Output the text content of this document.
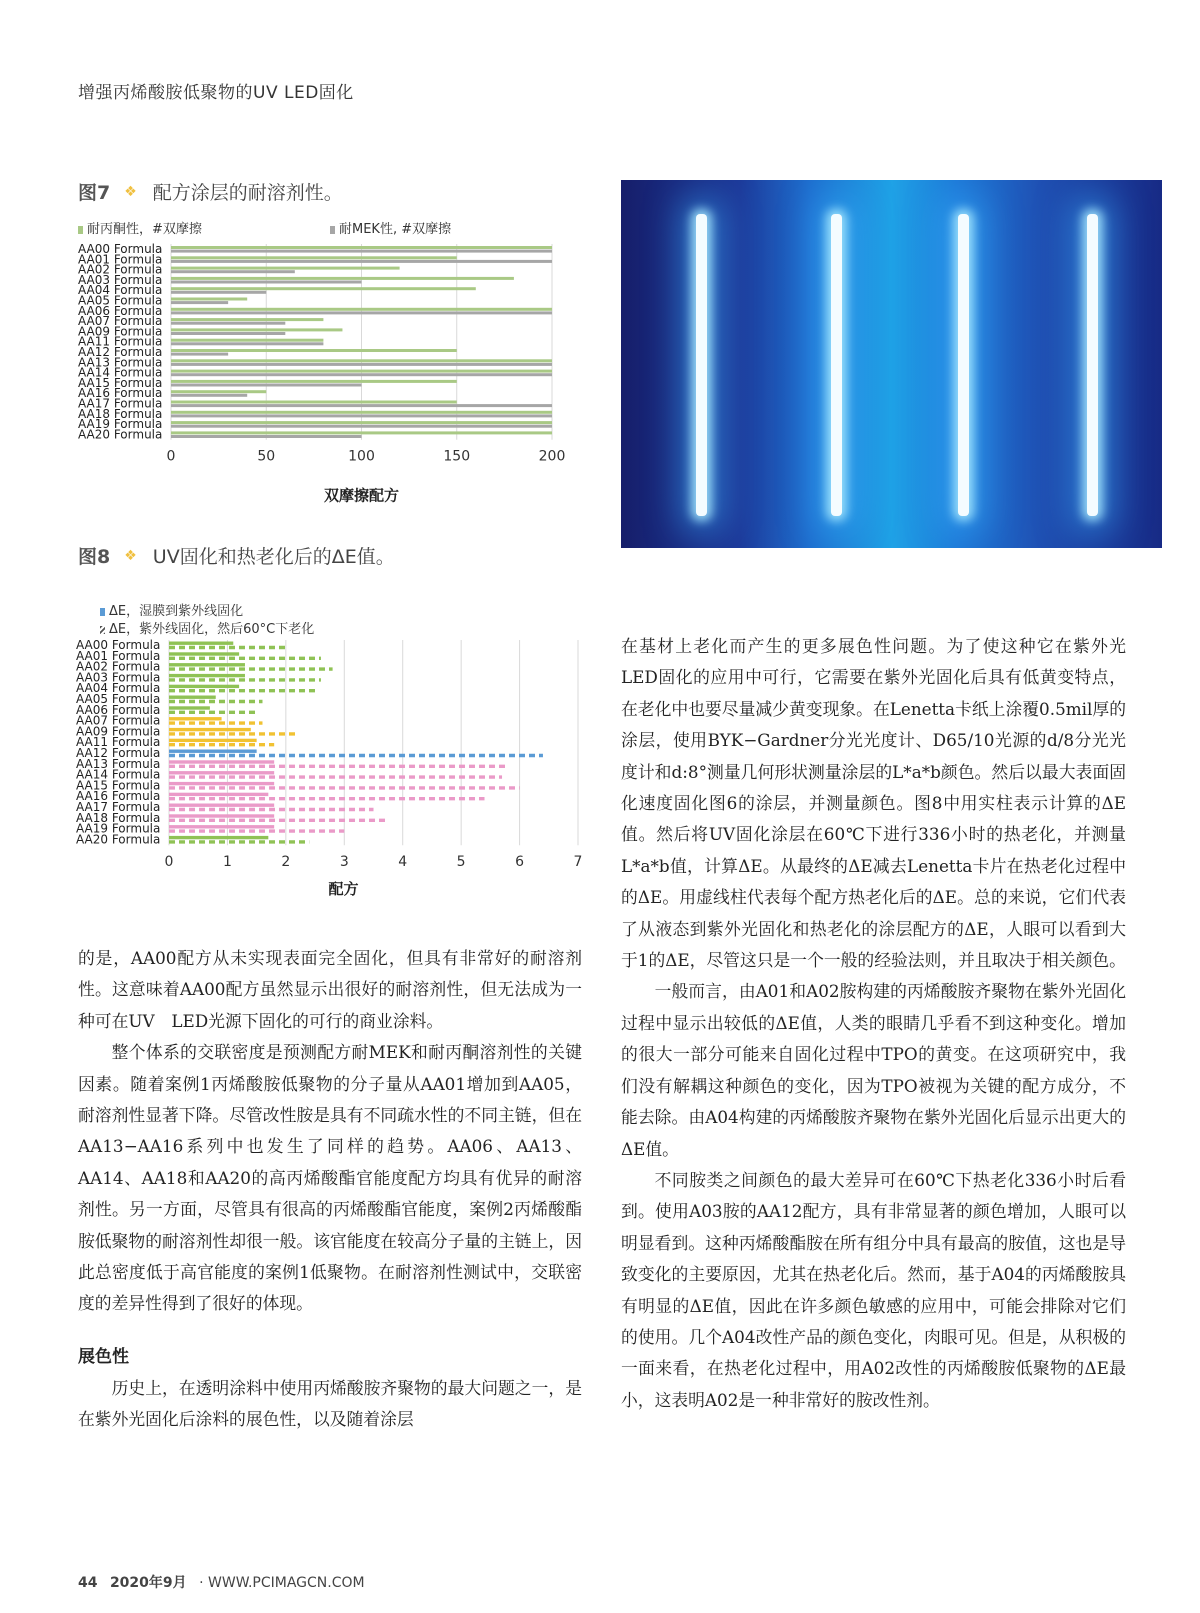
增强丙烯酸胺低聚物的UV LED固化
图7 ❖ 配方涂层的耐溶剂性。
耐丙酮性，#双摩擦	耐MEK性, #双摩擦
0	50	100	150	200
AA00 Formula
AA01 Formula
AA02 Formula
AA03 Formula
AA04 Formula
AA05 Formula
AA06 Formula
AA07 Formula
AA09 Formula
AA11 Formula
AA12 Formula
AA13 Formula
AA14 Formula
AA15 Formula
AA16 Formula
AA17 Formula
AA18 Formula
AA19 Formula
AA20 Formula
双摩擦配方
图8 ❖ UV固化和热老化后的ΔE值。
ΔE，湿膜到紫外线固化
ΔE，紫外线固化，然后60°C下老化
0	1	2	3	4	5	6	7
AA00 Formula
AA01 Formula
AA02 Formula
AA03 Formula
AA04 Formula
AA05 Formula
AA06 Formula
AA07 Formula
AA09 Formula
AA11 Formula
AA12 Formula
AA13 Formula
AA14 Formula
AA15 Formula
AA16 Formula
AA17 Formula
AA18 Formula
AA19 Formula
AA20 Formula
配方

的是，AA00配方从未实现表面完全固化，但具有非常好的耐溶剂性。这意味着AA00配方虽然显示出很好的耐溶剂性，但无法成为一种可在UV　LED光源下固化的可行的商业涂料。

整个体系的交联密度是预测配方耐MEK和耐丙酮溶剂性的关键因素。随着案例1丙烯酸胺低聚物的分子量从AA01增加到AA05，耐溶剂性显著下降。尽管改性胺是具有不同疏水性的不同主链，但在AA13−AA16系列中也发生了同样的趋势。AA06、AA13、AA14、AA18和AA20的高丙烯酸酯官能度配方均具有优异的耐溶剂性。另一方面，尽管具有很高的丙烯酸酯官能度，案例2丙烯酸酯胺低聚物的耐溶剂性却很一般。该官能度在较高分子量的主链上，因此总密度低于高官能度的案例1低聚物。在耐溶剂性测试中，交联密度的差异性得到了很好的体现。

展色性

历史上，在透明涂料中使用丙烯酸胺齐聚物的最大问题之一，是在紫外光固化后涂料的展色性，以及随着涂层

在基材上老化而产生的更多展色性问题。为了使这种它在紫外光LED固化的应用中可行，它需要在紫外光固化后具有低黄变特点，在老化中也要尽量减少黄变现象。在Lenetta卡纸上涂覆0.5mil厚的涂层，使用BYK−Gardner分光光度计、D65/10光源的d/8分光光度计和d:8°测量几何形状测量涂层的L*a*b颜色。然后以最大表面固化速度固化图6的涂层，并测量颜色。图8中用实柱表示计算的ΔE值。然后将UV固化涂层在60℃下进行336小时的热老化，并测量L*a*b值，计算ΔE。从最终的ΔE减去Lenetta卡片在热老化过程中的ΔE。用虚线柱代表每个配方热老化后的ΔE。总的来说，它们代表了从液态到紫外光固化和热老化的涂层配方的ΔE，人眼可以看到大于1的ΔE，尽管这只是一个一般的经验法则，并且取决于相关颜色。

一般而言，由A01和A02胺构建的丙烯酸胺齐聚物在紫外光固化过程中显示出较低的ΔE值，人类的眼睛几乎看不到这种变化。增加的很大一部分可能来自固化过程中TPO的黄变。在这项研究中，我们没有解耦这种颜色的变化，因为TPO被视为关键的配方成分，不能去除。由A04构建的丙烯酸胺齐聚物在紫外光固化后显示出更大的ΔE值。

不同胺类之间颜色的最大差异可在60℃下热老化336小时后看到。使用A03胺的AA12配方，具有非常显著的颜色增加，人眼可以明显看到。这种丙烯酸酯胺在所有组分中具有最高的胺值，这也是导致变化的主要原因，尤其在热老化后。然而，基于A04的丙烯酸胺具有明显的ΔE值，因此在许多颜色敏感的应用中，可能会排除对它们的使用。几个A04改性产品的颜色变化，肉眼可见。但是，从积极的一面来看，在热老化过程中，用A02改性的丙烯酸胺低聚物的ΔE最小，这表明A02是一种非常好的胺改性剂。

44 2020年9月 · WWW.PCIMAGCN.COM
